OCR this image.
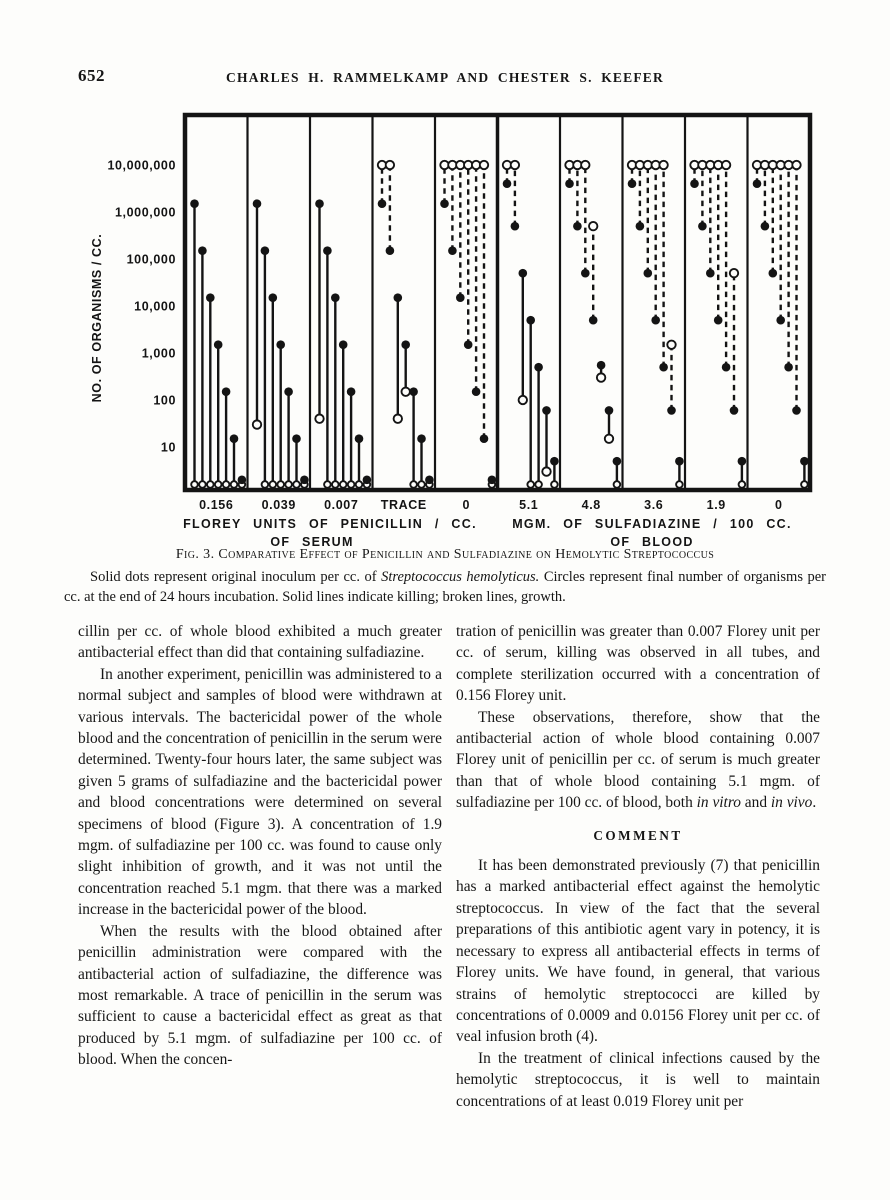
652	CHARLES H. RAMMELKAMP AND CHESTER S. KEEFER
10,000,000
1,000,000
100,000
10,000
1,000
100
10
NO. OF ORGANISMS / CC.
0.156 0.039 0.007 TRACE	0	5.1	4.8	3.6	1.9	0
FLOREY UNITS OF PENICILLIN / CC.
OF SERUM
MGM. OF SULFADIAZINE / 100 CC.
OF BLOOD
Fig. 3. Comparative Effect of Penicillin and Sulfadiazine on Hemolytic Streptococcus
Solid dots represent original inoculum per cc. of Streptococcus hemolyticus. Circles represent final number of organisms per cc. at the end of 24 hours incubation. Solid lines indicate killing; broken lines, growth.

cillin per cc. of whole blood exhibited a much greater antibacterial effect than did that containing sulfadiazine.

In another experiment, penicillin was administered to a normal subject and samples of blood were withdrawn at various intervals. The bactericidal power of the whole blood and the concentration of penicillin in the serum were determined. Twenty-four hours later, the same subject was given 5 grams of sulfadiazine and the bactericidal power and blood concentrations were determined on several specimens of blood (Figure 3). A concentration of 1.9 mgm. of sulfadiazine per 100 cc. was found to cause only slight inhibition of growth, and it was not until the concentration reached 5.1 mgm. that there was a marked increase in the bactericidal power of the blood.

When the results with the blood obtained after penicillin administration were compared with the antibacterial action of sulfadiazine, the difference was most remarkable. A trace of penicillin in the serum was sufficient to cause a bactericidal effect as great as that produced by 5.1 mgm. of sulfadiazine per 100 cc. of blood. When the concen-

tration of penicillin was greater than 0.007 Florey unit per cc. of serum, killing was observed in all tubes, and complete sterilization occurred with a concentration of 0.156 Florey unit.

These observations, therefore, show that the antibacterial action of whole blood containing 0.007 Florey unit of penicillin per cc. of serum is much greater than that of whole blood containing 5.1 mgm. of sulfadiazine per 100 cc. of blood, both in vitro and in vivo.

COMMENT

It has been demonstrated previously (7) that penicillin has a marked antibacterial effect against the hemolytic streptococcus. In view of the fact that the several preparations of this antibiotic agent vary in potency, it is necessary to express all antibacterial effects in terms of Florey units. We have found, in general, that various strains of hemolytic streptococci are killed by concentrations of 0.0009 and 0.0156 Florey unit per cc. of veal infusion broth (4).

In the treatment of clinical infections caused by the hemolytic streptococcus, it is well to maintain concentrations of at least 0.019 Florey unit per
